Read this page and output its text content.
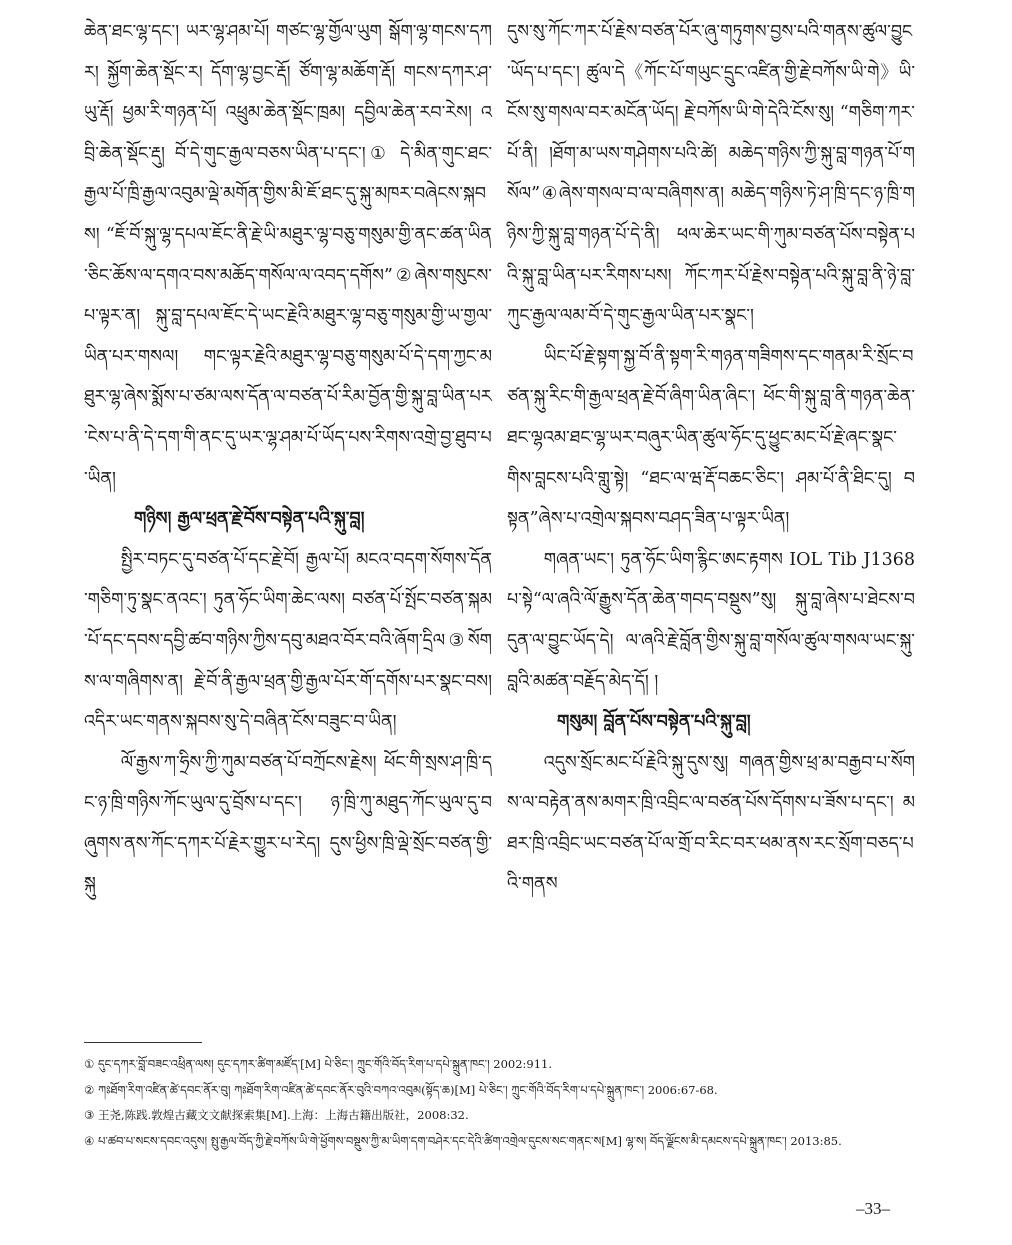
ཆེན་ཐང་ལྷ་དང་། ཡར་ལྷ་ཤམ་པོ། གཙང་ལྷ་གྱོལ་ཡུག སྒོག་ལྷ་གངས་དཀར། སྐྱོག་ཆེན་སྡོང་ར། དོག་ལྷ་བྱང་རྡོ། ཙོག་ལྷ་མཆོག་རྡོ། གངས་དཀར་ཤ་ཡུ་རྡོ། ཕྱམ་རི་གཉན་པོ། འཕྲུམ་ཆེན་སྡོང་ཁྲམ། དབྱིལ་ཆེན་རབ་རེས། འབྲི་ཆེན་སྡོང་རྡུ། བོ་དེ་གུང་རྒྱལ་བཅས་ཡིན་པ་དང་།① དེ་མིན་གུང་ཐང་རྒྱལ་པོ་ཁྲི་རྒྱལ་འབུམ་ལྡེ་མགོན་གྱིས་མི་ཇོ་ཐང་དུ་སྐུ་མཁར་བཞེངས་སྐབས། “ཇོ་བོ་སྐུ་ལྷ་དཔལ་ཇོང་ནི་རྗེ་ཡི་མཐུར་ལྷ་བཅུ་གསུམ་གྱི་ནང་ཚན་ཡིན་ཅིང་ཆོས་ལ་དགའ་བས་མཆོད་གསོལ་ལ་འབད་དགོས”②ཞེས་གསུངས་པ་ལྟར་ན། སྐུ་བླ་དཔལ་ཇོང་དེ་ཡང་རྗེའི་མཐུར་ལྷ་བཅུ་གསུམ་གྱི་ཡ་གྱལ་ཡིན་པར་གསལ། གང་ལྟར་རྗེའི་མཐུར་ལྷ་བཅུ་གསུམ་པོ་དེ་དག་ཀྱང་མཐུར་ལྷ་ཞེས་སྨོས་པ་ཙམ་ལས་དོན་ལ་བཙན་པོ་རིམ་བྱོན་གྱི་སྐུ་བླ་ཡིན་པར་ངེས་པ་ནི་དེ་དག་གི་ནང་དུ་ཡར་ལྷ་ཤམ་པོ་ཡོད་པས་རིགས་འགྲེ་བྱ་ཐུབ་པ་ཡིན།

གཉིས། རྒྱལ་ཕྲན་རྗེ་བོས་བསྟེན་པའི་སྐུ་བླ།

སྤྱིར་བཏང་དུ་བཙན་པོ་དང་རྗེ་བོ། རྒྱལ་པོ། མངའ་བདག་སོགས་དོན་གཅིག་ཏུ་སྣང་ནའང་། ཏུན་ཧོང་ཡིག་ཆེང་ལས། བཙན་པོ་སྤོང་བཙན་སྐམ་པོ་དང་དབས་དབྱི་ཚབ་གཉིས་ཀྱིས་དབུ་མཐའ་བོར་བའི་ཞོག་དྲིལ③སོགས་ལ་གཞིགས་ན། རྗེ་བོ་ནི་རྒྱལ་ཕྲན་གྱི་རྒྱལ་པོར་གོ་དགོས་པར་སྣང་བས། འདིར་ཡང་གནས་སྐབས་སུ་དེ་བཞིན་ངོས་བཟུང་བ་ཡིན།

ལོ་རྒྱས་ཀ་ཧྲིས་ཀྱི་ཀུམ་བཙན་པོ་བཀྲོངས་རྗེས། ཕོང་གི་སྲས་ཤ་ཁྲི་དང་ཉ་ཁྲི་གཉིས་ཀོང་ཡུལ་དུ་བྲོས་པ་དང་། ཉ་ཁྲི་ཀུ་མཐུད་ཀོང་ཡུལ་དུ་བཞུགས་ནས་ཀོང་དཀར་པོ་རྗེར་གྱུར་པ་རེད། དུས་ཕྱིས་ཁྲི་ལྡེ་སྲོང་བཙན་གྱི་སྐུ

དུས་སུ་ཀོང་ཀར་པོ་རྗེས་བཙན་པོར་ཞུ་གཏུགས་བྱས་པའི་གནས་ཚུལ་བྱུང་ཡོད་པ་དང་། ཚུལ་དེ《ཀོང་པོ་གཡུང་དྲུང་འཛིན་གྱི་རྗེ་བཀོས་ཡི་གེ》ཡི་ངོས་སུ་གསལ་བར་མངོན་ཡོད། རྗེ་བཀོས་ཡི་གེ་དེའི་ངོས་སུ། “གཅིག་ཀར་པོ་ནི། །ཐོག་མ་ཡས་གཤེགས་པའི་ཚེ། མཆེད་གཉིས་ཀྱི་སྐུ་བླ་གཉན་པོ་གསོལ”④ཞེས་གསལ་བ་ལ་བཞིགས་ན། མཆེད་གཉིས་ཏེ་ཤ་ཁྲི་དང་ཉ་ཁྲི་གཉིས་ཀྱི་སྐུ་བླ་གཉན་པོ་དེ་ནི། ཕལ་ཆེར་ཡང་གི་ཀུམ་བཙན་པོས་བསྟེན་པའི་སྐུ་བླ་ཡིན་པར་རིགས་པས། ཀོང་ཀར་པོ་རྗེས་བསྟེན་པའི་སྐུ་བླ་ནི་ཉེ་བླ་ཀུང་རྒྱལ་ལམ་བོ་དེ་གུང་རྒྱལ་ཡིན་པར་སྣང་།

ཡིང་པོ་རྗེ་སྟག་སྐྱ་བོ་ནི་སྟག་རི་གཉན་གཟིགས་དང་གནམ་རི་སྲོང་བཙན་སྐུ་རིང་གི་རྒྱལ་ཕྲན་རྗེ་བོ་ཞིག་ཡིན་ཞིང་། ཕོང་གི་སྐུ་བླ་ནི་གཉན་ཆེན་ཐང་ལྷའམ་ཐང་ལྷ་ཡར་བཞུར་ཡིན་ཚུལ་ཧོང་དུ་ཕྱུང་མང་པོ་རྗེ་ཞང་སྣང་གིས་བླངས་པའི་གླུ་སྟེ། “ཐང་ལ་ཝ་རྡོ་བཆང་ཅིང་། ཤམ་པོ་ནི་ཐིང་དུ། བསྟན”ཞེས་པ་འགྲེལ་སྐབས་བཤད་ཟིན་པ་ལྟར་ཡིན།

གཞན་ཡང་། ཏུན་ཧོང་ཡིག་རྙིང་ཨང་རྟགས IOL Tib J1368པ་སྟེ“ལ་ཞའི་ལོ་རྒྱུས་དོན་ཆེན་གབད་བསྡུས”སུ། སྐུ་བླ་ཞེས་པ་ཐེངས་བདུན་ལ་བྱུང་ཡོད་དེ། ལ་ཞའི་རྗེ་བློན་གྱིས་སྐུ་བླ་གསོལ་ཚུལ་གསལ་ཡང་སྐུ་བླའི་མཚན་བརྗོད་མེད་དོ། །

གསུམ། བློན་པོས་བསྟེན་པའི་སྐུ་བླ།

འདུས་སྲོང་མང་པོ་རྗེའི་སྐུ་དུས་སུ། གཞན་གྱིས་ཕྲ་མ་བརྒྱབ་པ་སོགས་ལ་བརྟེན་ནས་མགར་ཁྲི་འབྲིང་ལ་བཙན་པོས་དོགས་པ་ཟོས་པ་དང་། མཐར་ཁྲི་འབྲིང་ཡང་བཙན་པོ་ལ་གྲོ་བ་རིང་བར་ཕམ་ནས་རང་སྲོག་བཅད་པའི་གནས

① དུང་དཀར་བློ་བཟང་འཕྲིན་ལས། དུང་དཀར་ཚིག་མཛོད་[M] པེ་ཅིང་། ཀྲུང་གོའི་བོད་རིག་པ་དཔེ་སྐྲུན་ཁང་། 2002:911.

② ཀཿཐོག་རིག་འཛིན་ཚེ་དབང་ནོར་བུ། ཀཿཐོག་རིག་འཛིན་ཚེ་དབང་ནོར་བུའི་བཀའ་འབུམ(སྟོད་ཆ)[M] པེ་ཅིང་། ཀྲུང་གོའི་བོད་རིག་པ་དཔེ་སྐྲུན་ཁང་། 2006:67-68.

③ 王尧,陈践.敦煌古藏文文献探索集[M].上海：上海古籍出版社，2008:32.

④ པ་ཚབ་པ་སངས་དབང་འདུས། སྤུ་རྒྱལ་བོད་ཀྱི་རྗེ་བཀོས་ཡི་གེ་ཕྱོགས་བསྡུས་ཀྱི་མ་ཡིག་དག་བཤེར་དང་དེའི་ཚིག་འགྲེལ་དུངས་སང་གནང་ས[M] ལྷ་ས། བོད་ལྗོངས་མི་དམངས་དཔེ་སྐྲུན་ཁང་། 2013:85.

–33–
